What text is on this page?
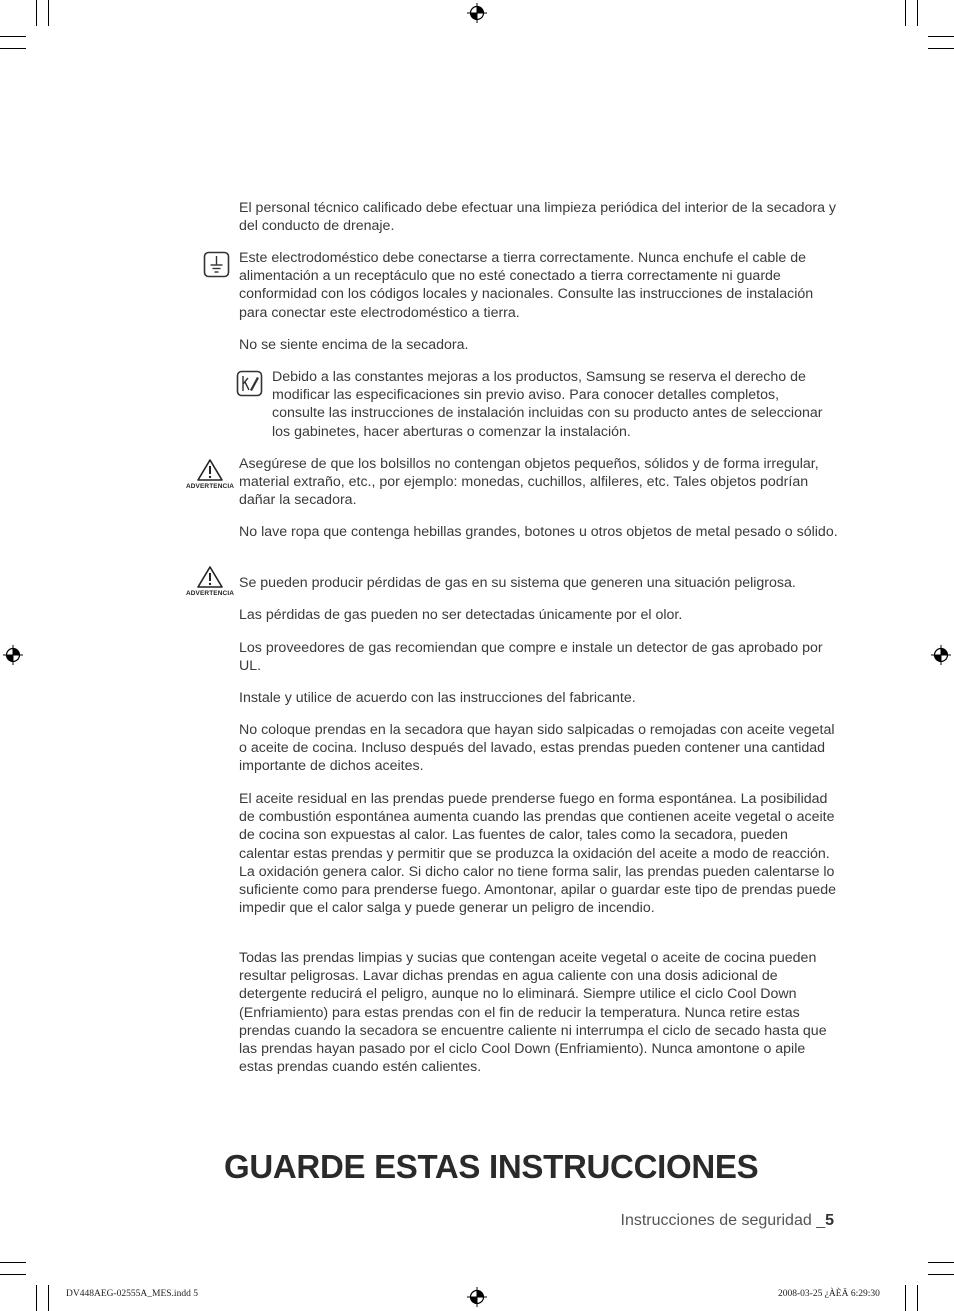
El personal técnico calificado debe efectuar una limpieza periódica del interior de la secadora y del conducto de drenaje.
Este electrodoméstico debe conectarse a tierra correctamente. Nunca enchufe el cable de alimentación a un receptáculo que no esté conectado a tierra correctamente ni guarde conformidad con los códigos locales y nacionales. Consulte las instrucciones de instalación para conectar este electrodoméstico a tierra.
No se siente encima de la secadora.
Debido a las constantes mejoras a los productos, Samsung se reserva el derecho de modificar las especificaciones sin previo aviso. Para conocer detalles completos, consulte las instrucciones de instalación incluidas con su producto antes de seleccionar los gabinetes, hacer aberturas o comenzar la instalación.
ADVERTENCIA
Asegúrese de que los bolsillos no contengan objetos pequeños, sólidos y de forma irregular, material extraño, etc., por ejemplo: monedas, cuchillos, alfileres, etc. Tales objetos podrían dañar la secadora.
No lave ropa que contenga hebillas grandes, botones u otros objetos de metal pesado o sólido.
ADVERTENCIA
Se pueden producir pérdidas de gas en su sistema que generen una situación peligrosa.
Las pérdidas de gas pueden no ser detectadas únicamente por el olor.
Los proveedores de gas recomiendan que compre e instale un detector de gas aprobado por UL.
Instale y utilice de acuerdo con las instrucciones del fabricante.
No coloque prendas en la secadora que hayan sido salpicadas o remojadas con aceite vegetal o aceite de cocina. Incluso después del lavado, estas prendas pueden contener una cantidad importante de dichos aceites.
El aceite residual en las prendas puede prenderse fuego en forma espontánea. La posibilidad de combustión espontánea aumenta cuando las prendas que contienen aceite vegetal o aceite de cocina son expuestas al calor. Las fuentes de calor, tales como la secadora, pueden calentar estas prendas y permitir que se produzca la oxidación del aceite a modo de reacción. La oxidación genera calor. Si dicho calor no tiene forma salir, las prendas pueden calentarse lo suficiente como para prenderse fuego. Amontonar, apilar o guardar este tipo de prendas puede impedir que el calor salga y puede generar un peligro de incendio.
Todas las prendas limpias y sucias que contengan aceite vegetal o aceite de cocina pueden resultar peligrosas. Lavar dichas prendas en agua caliente con una dosis adicional de detergente reducirá el peligro, aunque no lo eliminará. Siempre utilice el ciclo Cool Down (Enfriamiento) para estas prendas con el fin de reducir la temperatura. Nunca retire estas prendas cuando la secadora se encuentre caliente ni interrumpa el ciclo de secado hasta que las prendas hayan pasado por el ciclo Cool Down (Enfriamiento). Nunca amontone o apile estas prendas cuando estén calientes.
GUARDE ESTAS INSTRUCCIONES
Instrucciones de seguridad _5
DV448AEG-02555A_MES.indd 5	2008-03-25 ¿ÀÈÄ 6:29:30
